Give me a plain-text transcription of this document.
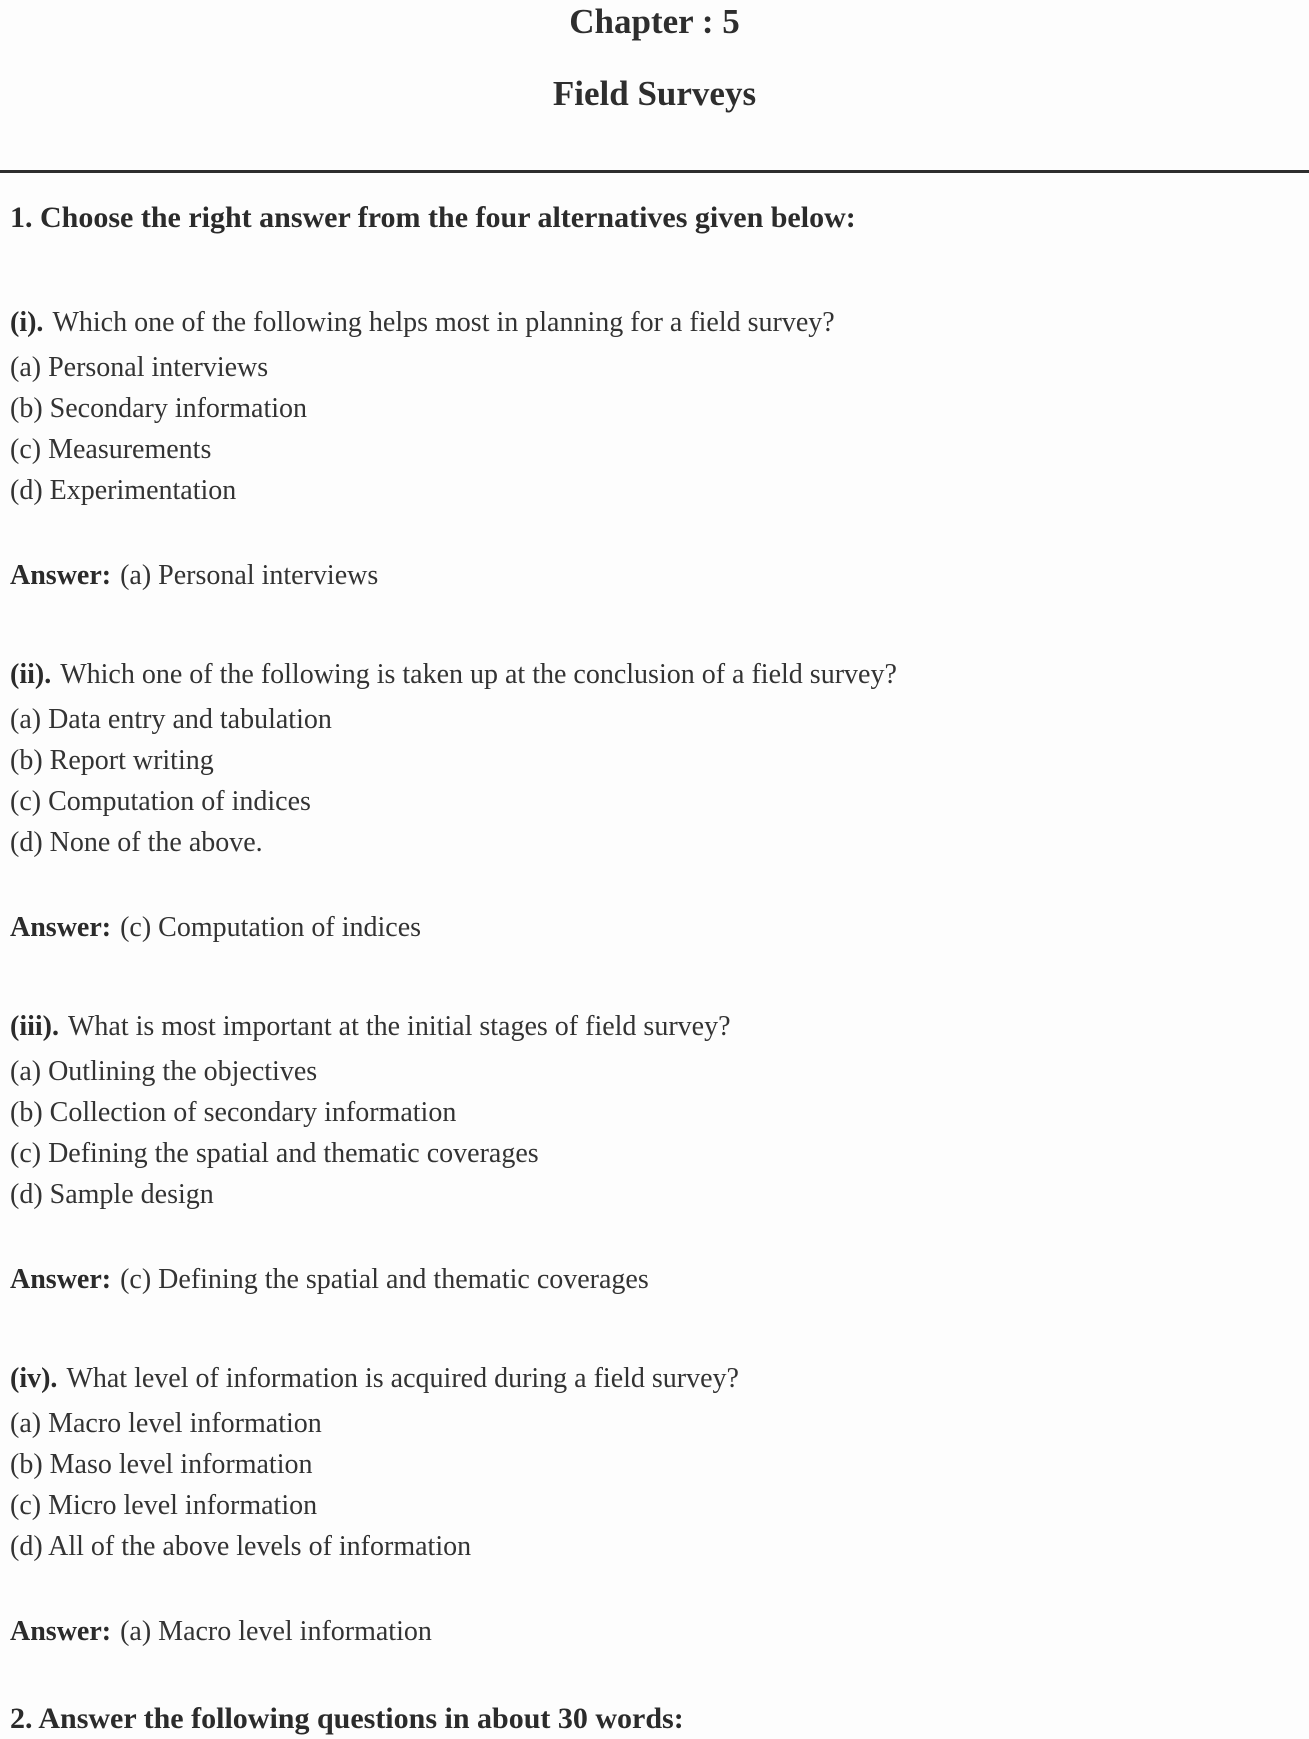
Chapter : 5
Field Surveys

1. Choose the right answer from the four alternatives given below:

(i). Which one of the following helps most in planning for a field survey?

(a) Personal interviews

(b) Secondary information

(c) Measurements

(d) Experimentation

Answer: (a) Personal interviews

(ii). Which one of the following is taken up at the conclusion of a field survey?

(a) Data entry and tabulation

(b) Report writing

(c) Computation of indices

(d) None of the above.

Answer: (c) Computation of indices

(iii). What is most important at the initial stages of field survey?

(a) Outlining the objectives

(b) Collection of secondary information

(c) Defining the spatial and thematic coverages

(d) Sample design

Answer: (c) Defining the spatial and thematic coverages

(iv). What level of information is acquired during a field survey?

(a) Macro level information

(b) Maso level information

(c) Micro level information

(d) All of the above levels of information

Answer: (a) Macro level information

2. Answer the following questions in about 30 words:
